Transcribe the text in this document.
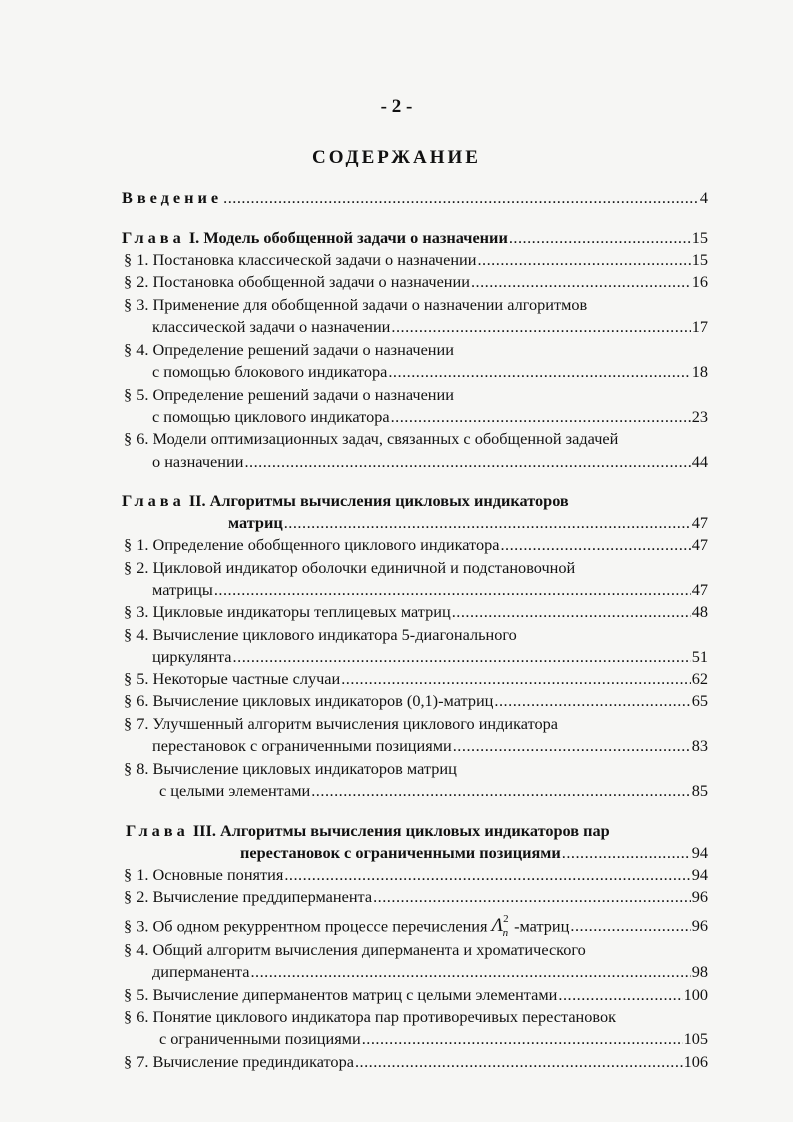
- 2 -
СОДЕРЖАНИЕ
Введение .....	4
Глава I. Модель обобщенной задачи о назначении .....	15
§ 1. Постановка классической задачи о назначении .....	15
§ 2. Постановка обобщенной задачи о назначении .....	16
§ 3. Применение для обобщенной задачи о назначении алгоритмов
классической задачи о назначении .....	17
§ 4. Определение решений задачи о назначении
с помощью блокового индикатора .....	18
§ 5. Определение решений задачи о назначении
с помощью циклового индикатора .....	23
§ 6. Модели оптимизационных задач, связанных с обобщенной задачей
о назначении .....	44
Глава II. Алгоритмы вычисления цикловых индикаторов
матриц .....	47
§ 1. Определение обобщенного циклового индикатора .....	47
§ 2. Цикловой индикатор оболочки единичной и подстановочной
матрицы .....	47
§ 3. Цикловые индикаторы теплицевых матриц .....	48
§ 4. Вычисление циклового индикатора 5-диагонального
циркулянта .....	51
§ 5. Некоторые частные случаи .....	62
§ 6. Вычисление цикловых индикаторов (0,1)-матриц .....	65
§ 7. Улучшенный алгоритм вычисления циклового индикатора
перестановок с ограниченными позициями .....	83
§ 8. Вычисление цикловых индикаторов матриц
с целыми элементами .....	85
Глава III. Алгоритмы вычисления цикловых индикаторов пар
перестановок с ограниченными позициями .....	94
§ 1. Основные понятия .....	94
§ 2. Вычисление преддиперманента .....	96
§ 3. Об одном рекуррентном процессе перечисления $\Lambda^2_n$ -матриц .....	96
§ 4. Общий алгоритм вычисления диперманента и хроматического
диперманента .....	98
§ 5. Вычисление диперманентов матриц с целыми элементами .....	100
§ 6. Понятие циклового индикатора пар противоречивых перестановок
с ограниченными позициями .....	105
§ 7. Вычисление прединдикатора .....	106
